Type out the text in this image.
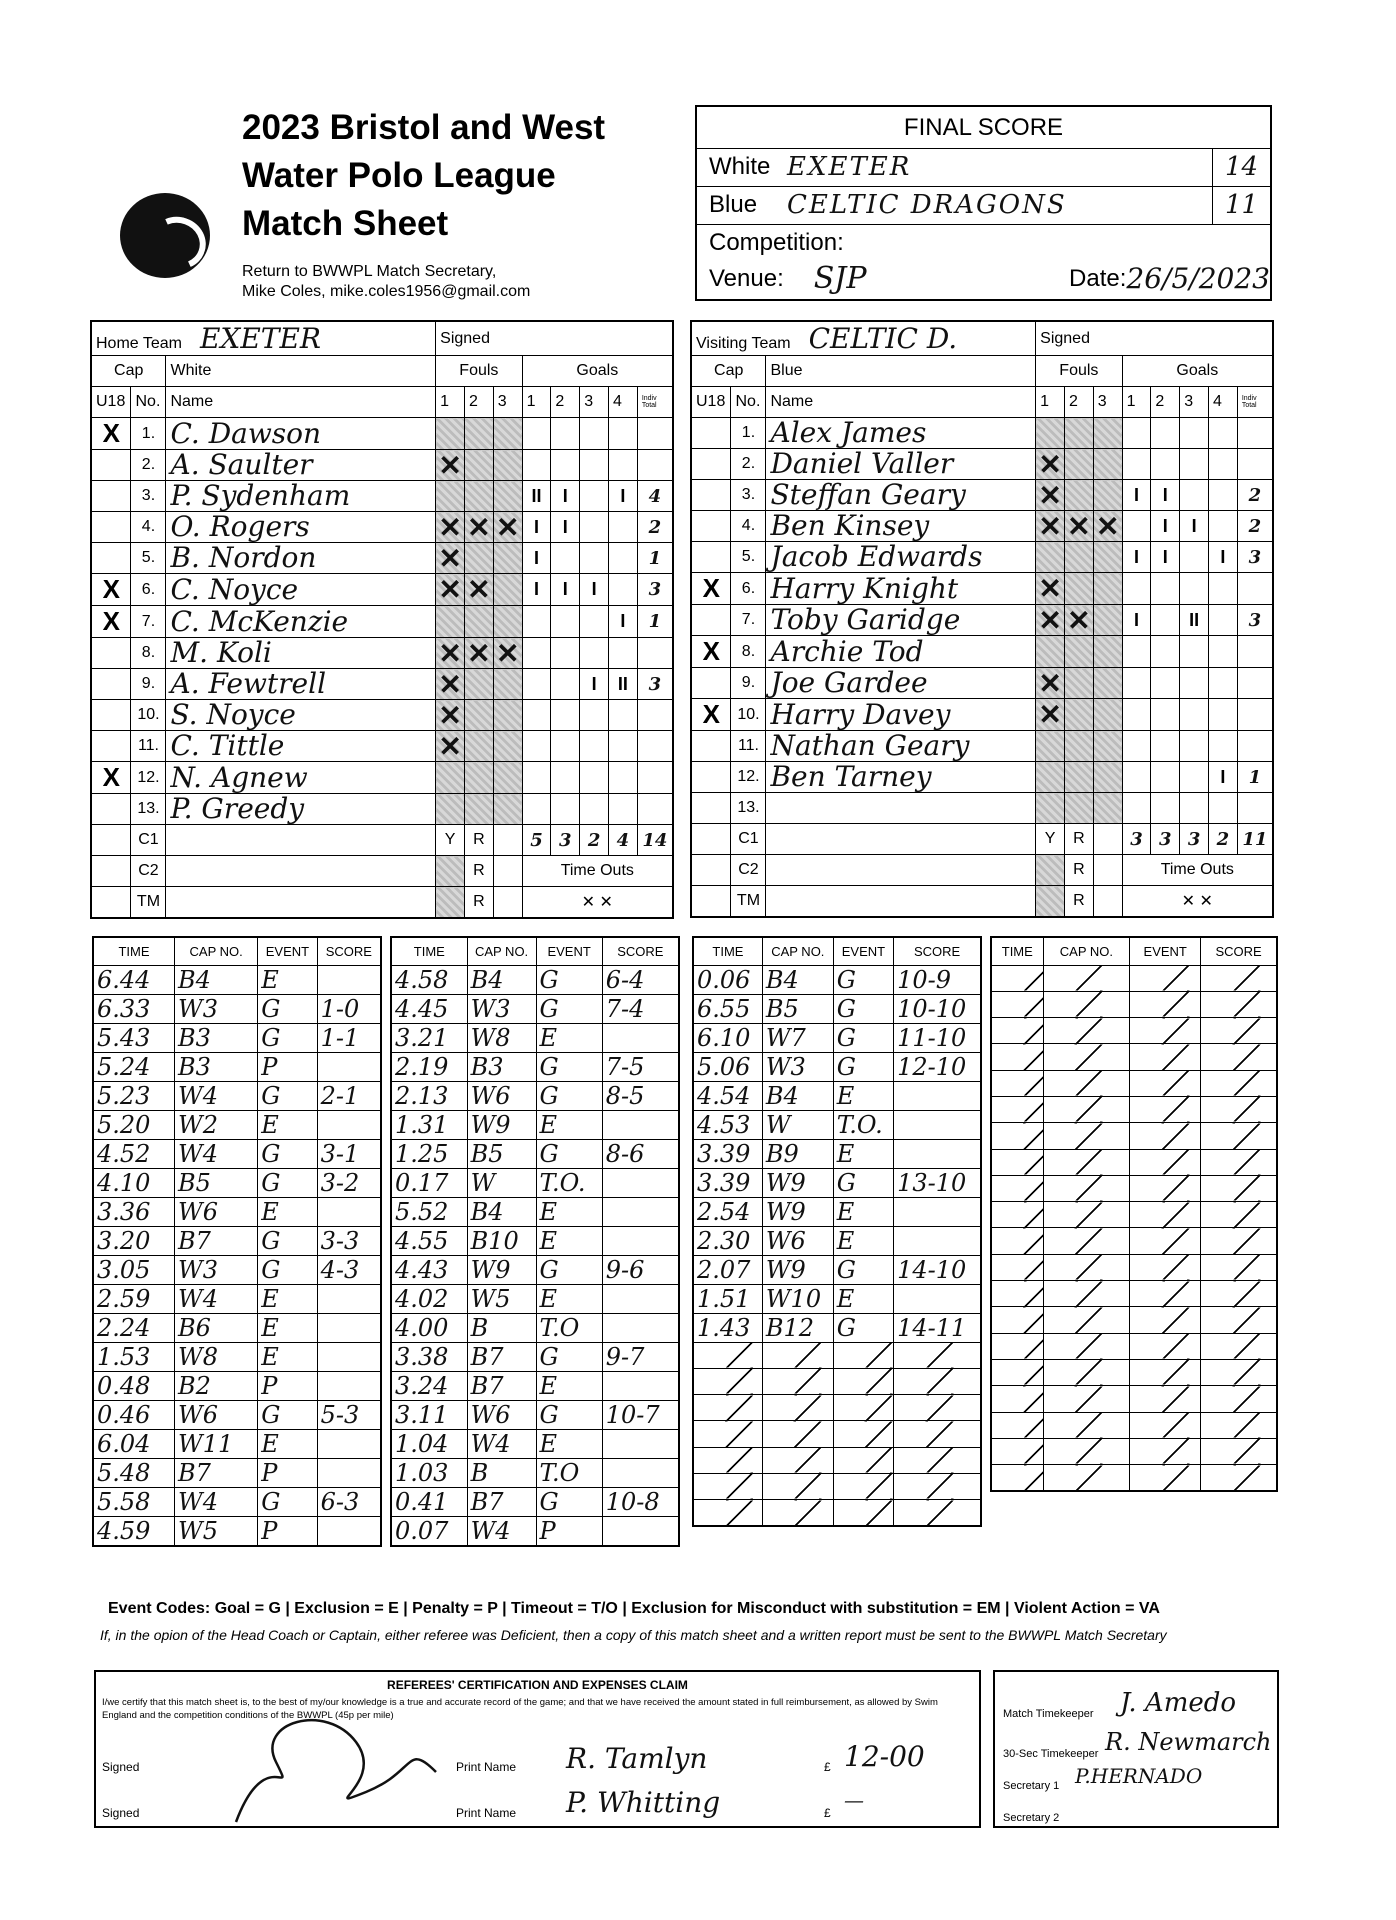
2023 Bristol and West
Water Polo League
Match Sheet
Return to BWWPL Match Secretary,
Mike Coles, mike.coles1956@gmail.com
FINAL SCORE
White EXETER	14
Blue	CELTIC DRAGONS	11
Competition:
Venue: SJP	Date: 26/5/2023
Home Team EXETER			Signed							
Cap		White	Fouls			Goals				
U18	No.	Name	1	2	3	1	2	3	4	Indiv Total
X	1.	C. Dawson								
	2.	A. Saulter	✕							

	3.	P. Sydenham				II	I		I	4
	4.	O. Rogers	✕	✕	✕	I	I			2
	5.	B. Nordon	✕			I				1
X	6.	C. Noyce	✕	✕		I	I	I		3
X	7.	C. McKenzie							I	1
	8.	M. Koli	✕	✕	✕					

	9.	A. Fewtrell	✕					I	II	3
	10.	S. Noyce	✕							

	11.	C. Tittle	✕							

X	12.	N. Agnew								
	13.	P. Greedy								
	C1		Y	R		5	3	2	4	14
	C2			R		Time Outs				
	TM			R		✕ ✕				
Visiting Team CELTIC D.			Signed							
Cap		Blue	Fouls			Goals				
U18	No.	Name	1	2	3	1	2	3	4	Indiv Total
	1.	Alex James								
	2.	Daniel Valler	✕							

	3.	Steffan Geary	✕			I	I			2
	4.	Ben Kinsey	✕	✕	✕		I	I		2
	5.	Jacob Edwards				I	I		I	3
X	6.	Harry Knight	✕							

	7.	Toby Garidge	✕	✕		I		II		3
X	8.	Archie Tod								
	9.	Joe Gardee	✕							

X	10.	Harry Davey	✕							

	11.	Nathan Geary								
	12.	Ben Tarney							I	1
	13.									
	C1		Y	R		3	3	3	2	11
	C2			R		Time Outs				
	TM			R		✕ ✕				
TIME	CAP NO.	EVENT	SCORE
6.44	B4	E	
6.33	W3	G	1-0
5.43	B3	G	1-1
5.24	B3	P	
5.23	W4	G	2-1
5.20	W2	E	
4.52	W4	G	3-1
4.10	B5	G	3-2
3.36	W6	E	
3.20	B7	G	3-3
3.05	W3	G	4-3
2.59	W4	E	
2.24	B6	E	
1.53	W8	E	
0.48	B2	P	
0.46	W6	G	5-3
6.04	W11	E	
5.48	B7	P	
5.58	W4	G	6-3
4.59	W5	P	
TIME	CAP NO.	EVENT	SCORE
4.58	B4	G	6-4
4.45	W3	G	7-4
3.21	W8	E	
2.19	B3	G	7-5
2.13	W6	G	8-5
1.31	W9	E	
1.25	B5	G	8-6
0.17	W	T.O.	
5.52	B4	E	
4.55	B10	E	
4.43	W9	G	9-6
4.02	W5	E	
4.00	B	T.O	
3.38	B7	G	9-7
3.24	B7	E	
3.11	W6	G	10-7
1.04	W4	E	
1.03	B	T.O	
0.41	B7	G	10-8
0.07	W4	P	
TIME	CAP NO.	EVENT	SCORE
0.06	B4	G	10-9
6.55	B5	G	10-10
6.10	W7	G	11-10
5.06	W3	G	12-10
4.54	B4	E	
4.53	W	T.O.	
3.39	B9	E	
3.39	W9	G	13-10
2.54	W9	E	
2.30	W6	E	
2.07	W9	G	14-10
1.51	W10	E	
1.43	B12	G	14-11

TIME	CAP NO.	EVENT	SCORE

Event Codes: Goal = G | Exclusion = E | Penalty = P | Timeout = T/O | Exclusion for Misconduct with substitution = EM | Violent Action = VA
If, in the opion of the Head Coach or Captain, either referee was Deficient, then a copy of this match sheet and a written report must be sent to the BWWPL Match Secretary
REFEREES' CERTIFICATION AND EXPENSES CLAIM
I/we certify that this match sheet is, to the best of my/our knowledge is a true and accurate record of the game; and that we have received the amount stated in full reimbursement, as allowed by Swim England and the competition conditions of the BWWPL (45p per mile)
Signed	Print Name R. Tamlyn	£ 12-00
Signed	Print Name P. Whitting	£
—
Match Timekeeper J. Amedo
30-Sec Timekeeper R. Newmarch
Secretary 1 P.HERNADO
Secretary 2
